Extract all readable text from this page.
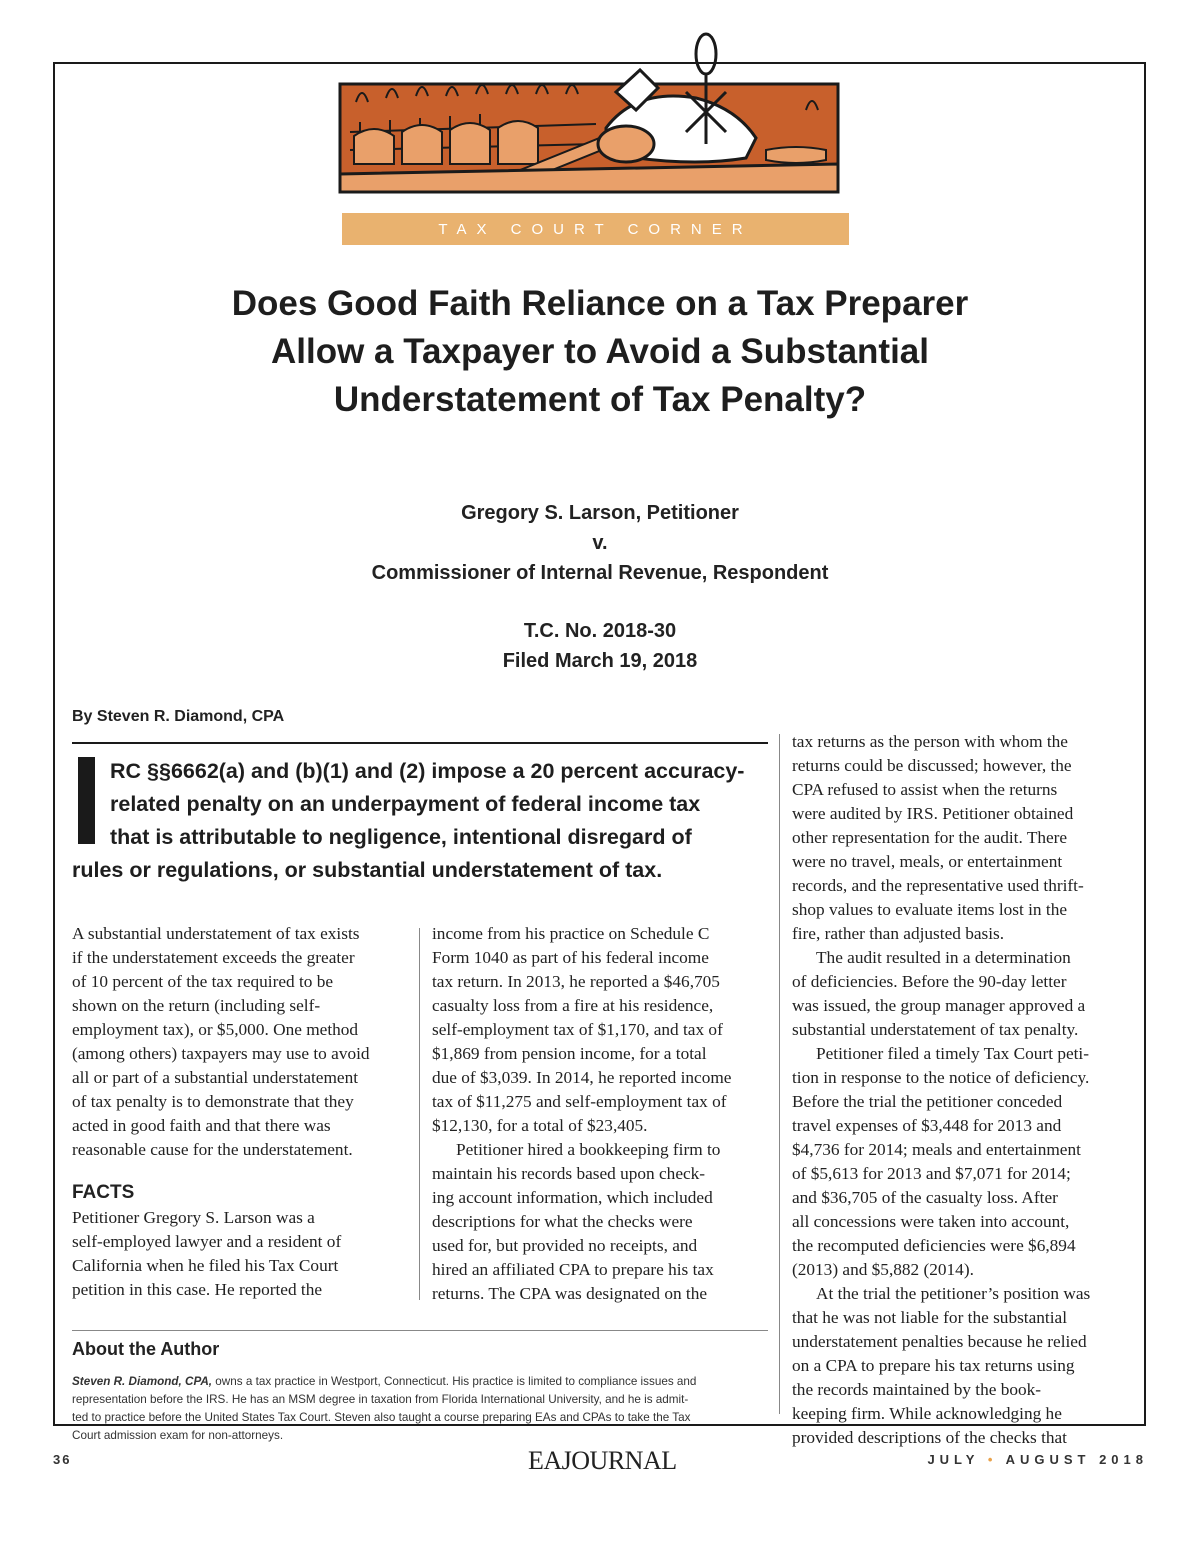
TAX COURT CORNER
Does Good Faith Reliance on a Tax Preparer
Allow a Taxpayer to Avoid a Substantial
Understatement of Tax Penalty?

Gregory S. Larson, Petitioner

v.

Commissioner of Internal Revenue, Respondent

T.C. No. 2018-30

Filed March 19, 2018

By Steven R. Diamond, CPA
RC §§6662(a) and (b)(1) and (2) impose a 20 percent accuracy-
related penalty on an underpayment of federal income tax
that is attributable to negligence, intentional disregard of
rules or regulations, or substantial understatement of tax.
A substantial understatement of tax exists
if the understatement exceeds the greater
of 10 percent of the tax required to be
shown on the return (including self-
employment tax), or $5,000. One method
(among others) taxpayers may use to avoid
all or part of a substantial understatement
of tax penalty is to demonstrate that they
acted in good faith and that there was
reasonable cause for the understatement.
FACTS
Petitioner Gregory S. Larson was a
self-employed lawyer and a resident of
California when he filed his Tax Court
petition in this case. He reported the
income from his practice on Schedule C
Form 1040 as part of his federal income
tax return. In 2013, he reported a $46,705
casualty loss from a fire at his residence,
self-employment tax of $1,170, and tax of
$1,869 from pension income, for a total
due of $3,039. In 2014, he reported income
tax of $11,275 and self-employment tax of
$12,130, for a total of $23,405.
Petitioner hired a bookkeeping firm to
maintain his records based upon check-
ing account information, which included
descriptions for what the checks were
used for, but provided no receipts, and
hired an affiliated CPA to prepare his tax
returns. The CPA was designated on the
tax returns as the person with whom the
returns could be discussed; however, the
CPA refused to assist when the returns
were audited by IRS. Petitioner obtained
other representation for the audit. There
were no travel, meals, or entertainment
records, and the representative used thrift-
shop values to evaluate items lost in the
fire, rather than adjusted basis.
The audit resulted in a determination
of deficiencies. Before the 90-day letter
was issued, the group manager approved a
substantial understatement of tax penalty.
Petitioner filed a timely Tax Court peti-
tion in response to the notice of deficiency.
Before the trial the petitioner conceded
travel expenses of $3,448 for 2013 and
$4,736 for 2014; meals and entertainment
of $5,613 for 2013 and $7,071 for 2014;
and $36,705 of the casualty loss. After
all concessions were taken into account,
the recomputed deficiencies were $6,894
(2013) and $5,882 (2014).
At the trial the petitioner’s position was
that he was not liable for the substantial
understatement penalties because he relied
on a CPA to prepare his tax returns using
the records maintained by the book-
keeping firm. While acknowledging he
provided descriptions of the checks that
About the Author
Steven R. Diamond, CPA, owns a tax practice in Westport, Connecticut. His practice is limited to compliance issues and
representation before the IRS. He has an MSM degree in taxation from Florida International University, and he is admit-
ted to practice before the United States Tax Court. Steven also taught a course preparing EAs and CPAs to take the Tax
Court admission exam for non-attorneys.
36	EAJOURNAL	JULY • AUGUST 2018
